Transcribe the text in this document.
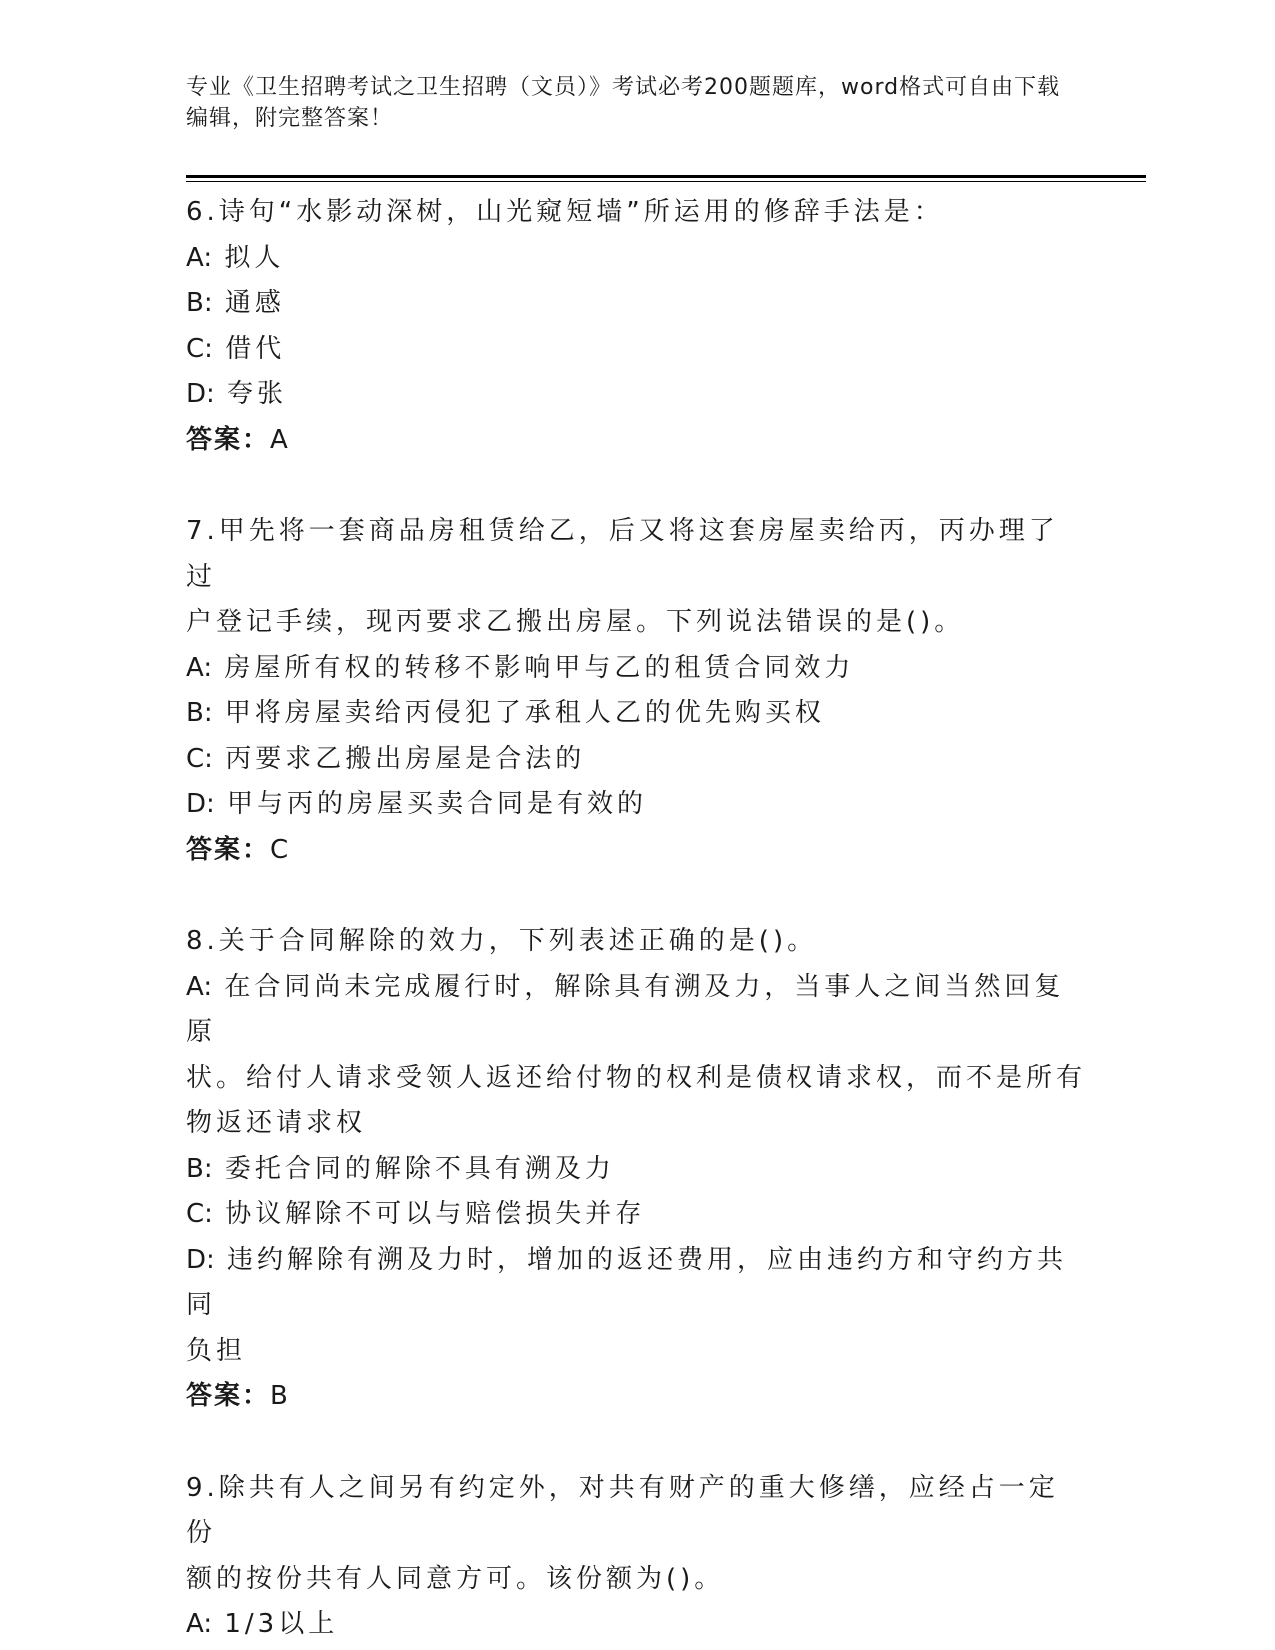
专业《卫生招聘考试之卫生招聘（文员）》考试必考200题题库，word格式可自由下载编辑，附完整答案！
6.诗句“水影动深树，山光窥短墙”所运用的修辞手法是：
A: 拟人
B: 通感
C: 借代
D: 夸张
答案：A
7.甲先将一套商品房租赁给乙，后又将这套房屋卖给丙，丙办理了过
户登记手续，现丙要求乙搬出房屋。下列说法错误的是()。
A: 房屋所有权的转移不影响甲与乙的租赁合同效力
B: 甲将房屋卖给丙侵犯了承租人乙的优先购买权
C: 丙要求乙搬出房屋是合法的
D: 甲与丙的房屋买卖合同是有效的
答案：C
8.关于合同解除的效力，下列表述正确的是()。
A: 在合同尚未完成履行时，解除具有溯及力，当事人之间当然回复原
状。给付人请求受领人返还给付物的权利是债权请求权，而不是所有
物返还请求权
B: 委托合同的解除不具有溯及力
C: 协议解除不可以与赔偿损失并存
D: 违约解除有溯及力时，增加的返还费用，应由违约方和守约方共同
负担
答案：B
9.除共有人之间另有约定外，对共有财产的重大修缮，应经占一定份
额的按份共有人同意方可。该份额为()。
A: 1/3以上
